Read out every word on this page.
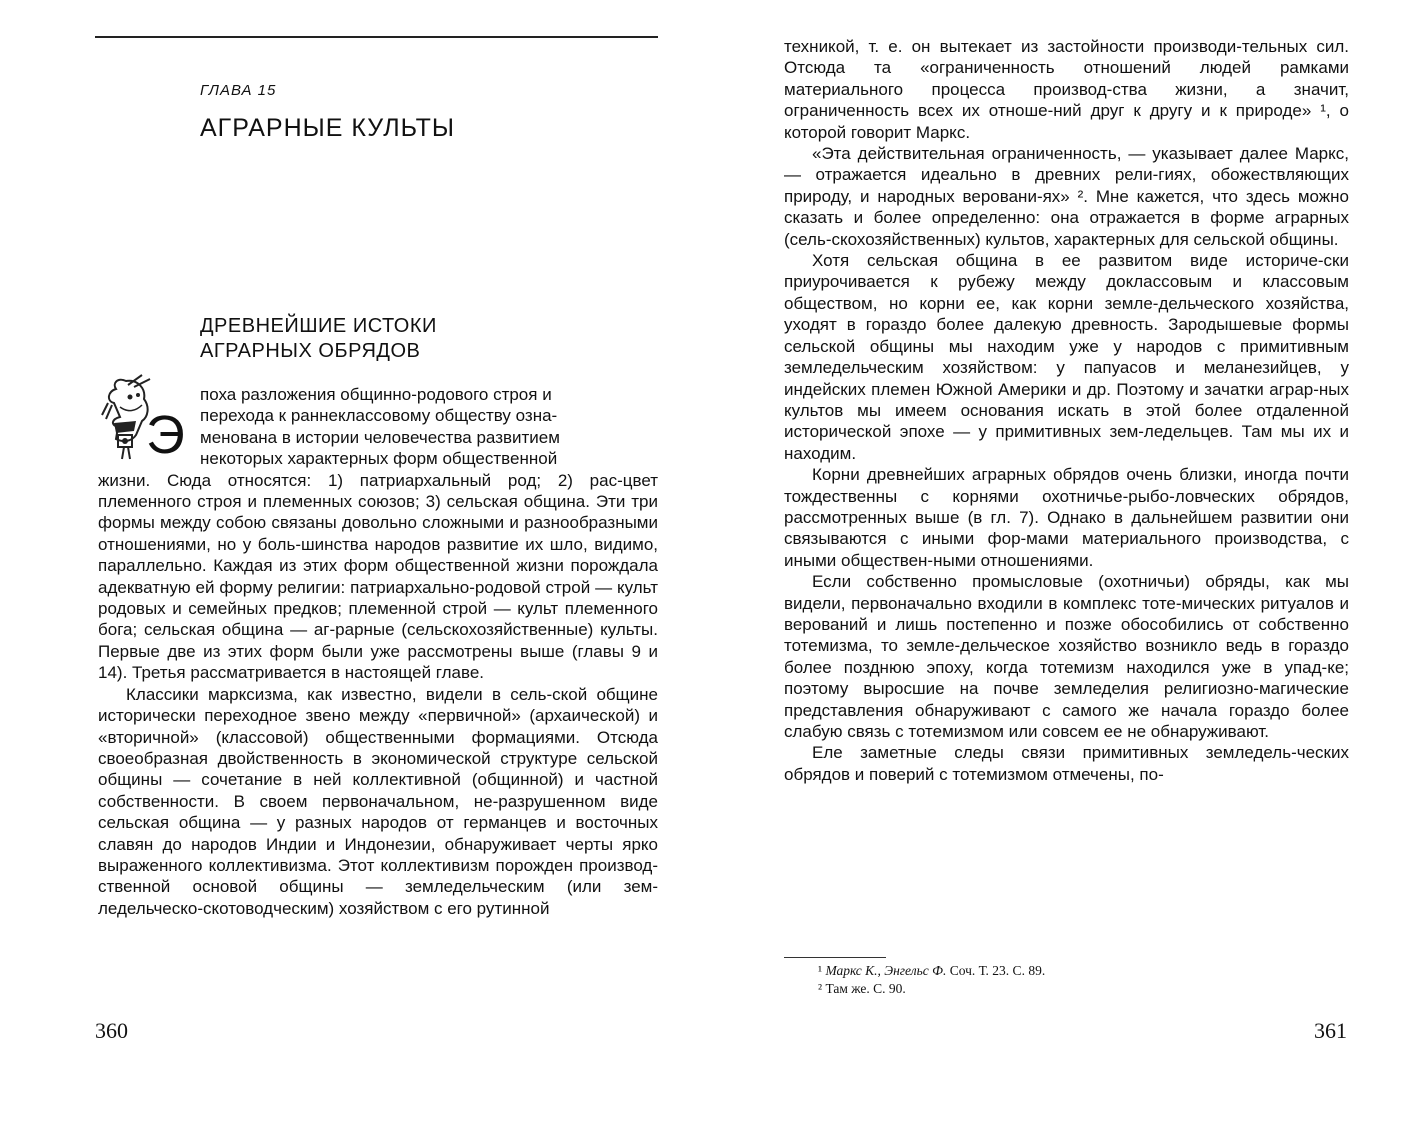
ГЛАВА 15
АГРАРНЫЕ КУЛЬТЫ
ДРЕВНЕЙШИЕ ИСТОКИ
АГРАРНЫХ ОБРЯДОВ
Э
поха разложения общинно-родового строя и
перехода к раннеклассовому обществу озна-
менована в истории человечества развитием
некоторых характерных форм общественной

жизни. Сюда относятся: 1) патриархальный род; 2) рас-цвет племенного строя и племенных союзов; 3) сельская община. Эти три формы между собою связаны довольно сложными и разнообразными отношениями, но у боль-шинства народов развитие их шло, видимо, параллельно. Каждая из этих форм общественной жизни порождала адекватную ей форму религии: патриархально-родовой строй — культ родовых и семейных предков; племенной строй — культ племенного бога; сельская община — аг-рарные (сельскохозяйственные) культы. Первые две из этих форм были уже рассмотрены выше (главы 9 и 14). Третья рассматривается в настоящей главе.

Классики марксизма, как известно, видели в сель-ской общине исторически переходное звено между «первичной» (архаической) и «вторичной» (классовой) общественными формациями. Отсюда своеобразная двойственность в экономической структуре сельской общины — сочетание в ней коллективной (общинной) и частной собственности. В своем первоначальном, не-разрушенном виде сельская община — у разных народов от германцев и восточных славян до народов Индии и Индонезии, обнаруживает черты ярко выраженного коллективизма. Этот коллективизм порожден производ-ственной основой общины — земледельческим (или зем-ледельческо-скотоводческим) хозяйством с его рутинной

360

техникой, т. е. он вытекает из застойности производи-тельных сил. Отсюда та «ограниченность отношений людей рамками материального процесса производ-ства жизни, а значит, ограниченность всех их отноше-ний друг к другу и к природе» ¹, о которой говорит Маркс.

«Эта действительная ограниченность, — указывает далее Маркс, — отражается идеально в древних рели-гиях, обожествляющих природу, и народных веровани-ях» ². Мне кажется, что здесь можно сказать и более определенно: она отражается в форме аграрных (сель-скохозяйственных) культов, характерных для сельской общины.

Хотя сельская община в ее развитом виде историче-ски приурочивается к рубежу между доклассовым и классовым обществом, но корни ее, как корни земле-дельческого хозяйства, уходят в гораздо более далекую древность. Зародышевые формы сельской общины мы находим уже у народов с примитивным земледельческим хозяйством: у папуасов и меланезийцев, у индейских племен Южной Америки и др. Поэтому и зачатки аграр-ных культов мы имеем основания искать в этой более отдаленной исторической эпохе — у примитивных зем-ледельцев. Там мы их и находим.

Корни древнейших аграрных обрядов очень близки, иногда почти тождественны с корнями охотничье-рыбо-ловческих обрядов, рассмотренных выше (в гл. 7). Однако в дальнейшем развитии они связываются с иными фор-мами материального производства, с иными обществен-ными отношениями.

Если собственно промысловые (охотничьи) обряды, как мы видели, первоначально входили в комплекс тоте-мических ритуалов и верований и лишь постепенно и позже обособились от собственно тотемизма, то земле-дельческое хозяйство возникло ведь в гораздо более позднюю эпоху, когда тотемизм находился уже в упад-ке; поэтому выросшие на почве земледелия религиозно-магические представления обнаруживают с самого же начала гораздо более слабую связь с тотемизмом или совсем ее не обнаруживают.

Еле заметные следы связи примитивных земледель-ческих обрядов и поверий с тотемизмом отмечены, по-

¹ Маркс К., Энгельс Ф. Соч. Т. 23. С. 89.
² Там же. С. 90.
361
